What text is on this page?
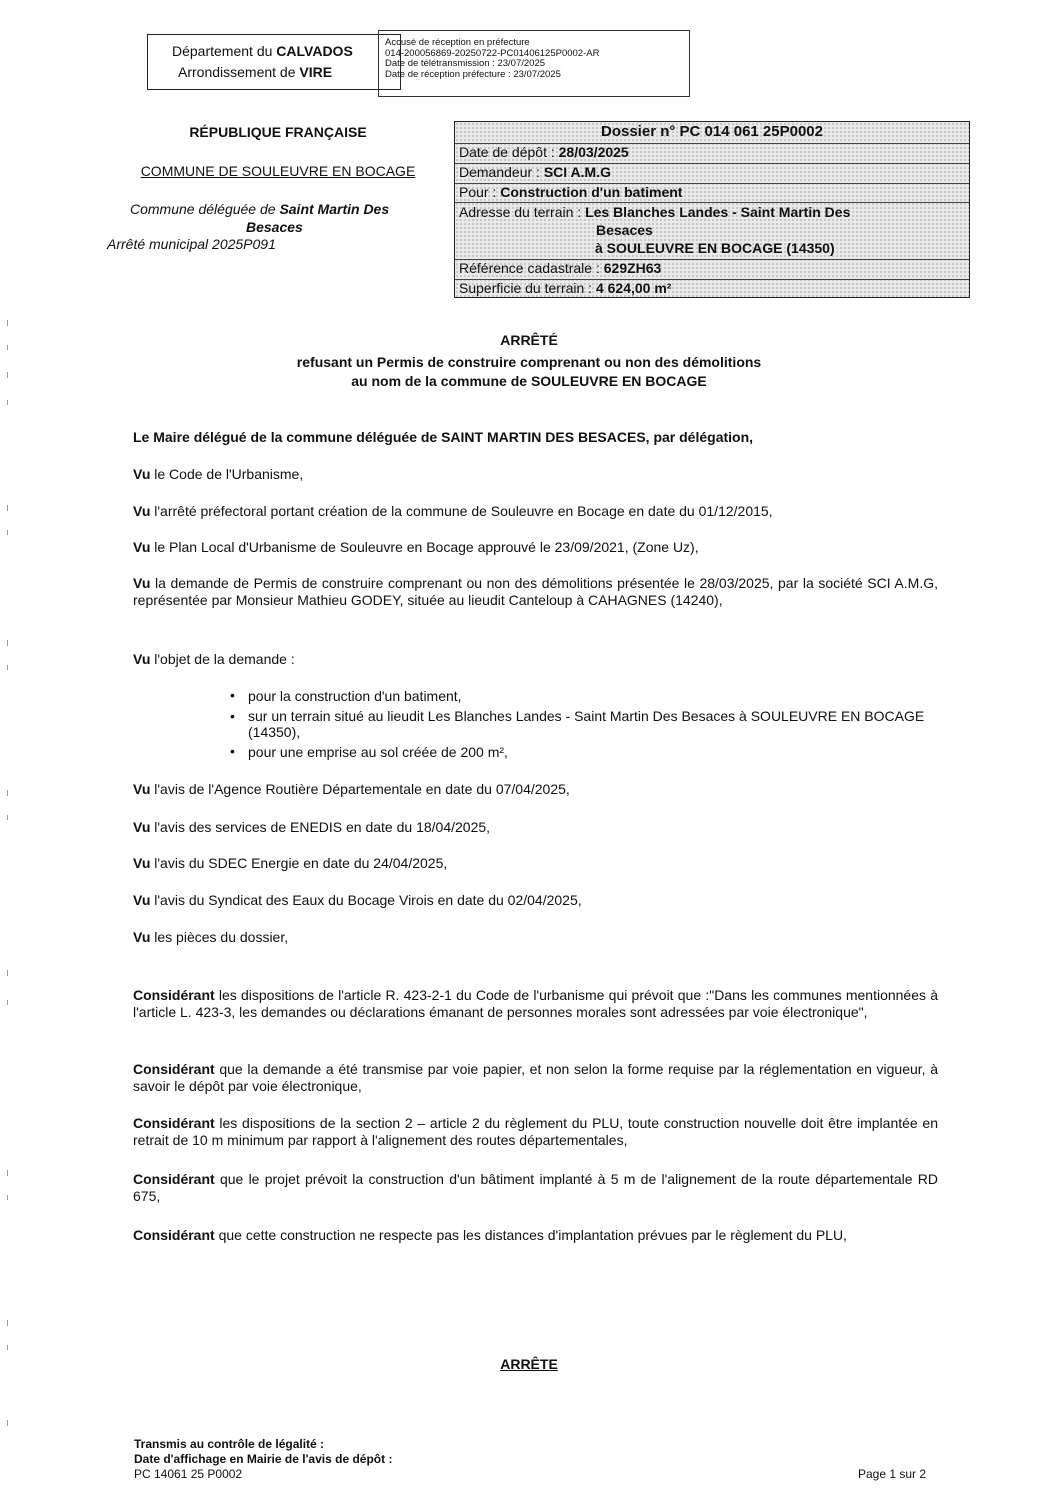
Département du CALVADOS
Arrondissement de VIRE
Accusé de réception en préfecture
014-200056869-20250722-PC01406125P0002-AR
Date de télétransmission : 23/07/2025
Date de réception préfecture : 23/07/2025
RÉPUBLIQUE FRANÇAISE
COMMUNE DE SOULEUVRE EN BOCAGE
Commune déléguée de Saint Martin Des
Besaces
Arrêté municipal 2025P091
Dossier n° PC 014 061 25P0002
Date de dépôt : 28/03/2025
Demandeur : SCI A.M.G
Pour : Construction d'un batiment
Adresse du terrain : Les Blanches Landes - Saint Martin Des
Besaces
à SOULEUVRE EN BOCAGE (14350)
Référence cadastrale : 629ZH63
Superficie du terrain : 4 624,00 m²
ARRÊTÉ
refusant un Permis de construire comprenant ou non des démolitions
au nom de la commune de SOULEUVRE EN BOCAGE
Le Maire délégué de la commune déléguée de SAINT MARTIN DES BESACES, par délégation,
Vu le Code de l'Urbanisme,
Vu l'arrêté préfectoral portant création de la commune de Souleuvre en Bocage en date du 01/12/2015,
Vu le Plan Local d'Urbanisme de Souleuvre en Bocage approuvé le 23/09/2021, (Zone Uz),
Vu la demande de Permis de construire comprenant ou non des démolitions présentée le 28/03/2025, par la société SCI A.M.G, représentée par Monsieur Mathieu GODEY, située au lieudit Canteloup à CAHAGNES (14240),
Vu l'objet de la demande :
• pour la construction d'un batiment,
• sur un terrain situé au lieudit Les Blanches Landes - Saint Martin Des Besaces à SOULEUVRE EN BOCAGE (14350),
• pour une emprise au sol créée de 200 m²,
Vu l'avis de l'Agence Routière Départementale en date du 07/04/2025,
Vu l'avis des services de ENEDIS en date du 18/04/2025,
Vu l'avis du SDEC Energie en date du 24/04/2025,
Vu l'avis du Syndicat des Eaux du Bocage Virois en date du 02/04/2025,
Vu les pièces du dossier,
Considérant les dispositions de l'article R. 423-2-1 du Code de l'urbanisme qui prévoit que :"Dans les communes mentionnées à l'article L. 423-3, les demandes ou déclarations émanant de personnes morales sont adressées par voie électronique",
Considérant que la demande a été transmise par voie papier, et non selon la forme requise par la réglementation en vigueur, à savoir le dépôt par voie électronique,
Considérant les dispositions de la section 2 – article 2 du règlement du PLU, toute construction nouvelle doit être implantée en retrait de 10 m minimum par rapport à l'alignement des routes départementales,
Considérant que le projet prévoit la construction d'un bâtiment implanté à 5 m de l'alignement de la route départementale RD 675,
Considérant que cette construction ne respecte pas les distances d'implantation prévues par le règlement du PLU,
ARRÊTE
Transmis au contrôle de légalité :
Date d'affichage en Mairie de l'avis de dépôt :
PC 14061 25 P0002	Page 1 sur 2
